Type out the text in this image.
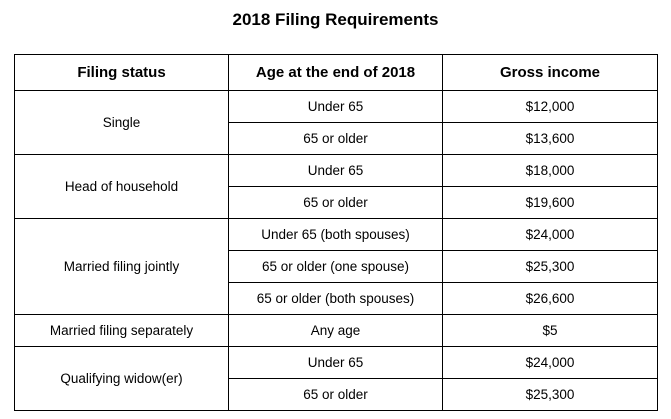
2018 Filing Requirements
Filing status	Age at the end of 2018	Gross income
Single	Under 65	$12,000
	65 or older	$13,600
Head of household	Under 65	$18,000
	65 or older	$19,600
Married filing jointly	Under 65 (both spouses)	$24,000
	65 or older (one spouse)	$25,300
	65 or older (both spouses)	$26,600
Married filing separately	Any age	$5
Qualifying widow(er)	Under 65	$24,000
	65 or older	$25,300
